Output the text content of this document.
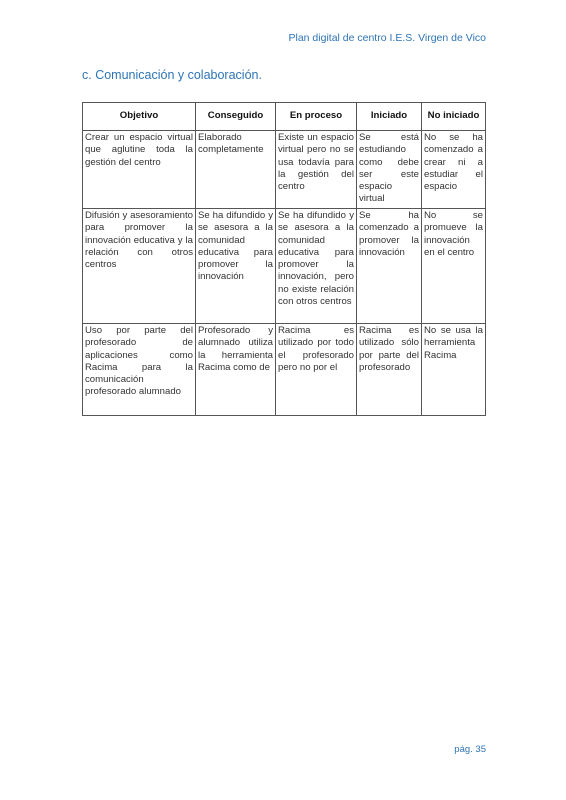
Plan digital de centro I.E.S. Virgen de Vico
c. Comunicación y colaboración.
Objetivo	Conseguido	En proceso	Iniciado	No iniciado
Crear un espacio virtual que aglutine toda la gestión del centro	Elaborado completamente	Existe un espacio virtual pero no se usa todavía para la gestión del centro	Se está estudiando como debe ser este espacio virtual	No se ha comenzado a crear ni a estudiar el espacio
Difusión y asesoramiento para promover la innovación educativa y la relación con otros centros	Se ha difundido y se asesora a la comunidad educativa para promover la innovación	Se ha difundido y se asesora a la comunidad educativa para promover la innovación, pero no existe relación con otros centros	Se ha comenzado a promover la innovación	No se promueve la innovación en el centro
Uso por parte del profesorado de aplicaciones como Racima para la comunicación profesorado alumnado	Profesorado y alumnado utiliza la herramienta Racima como de	Racima es utilizado por todo el profesorado pero no por el	Racima es utilizado sólo por parte del profesorado	No se usa la herramienta Racima
pág. 35
